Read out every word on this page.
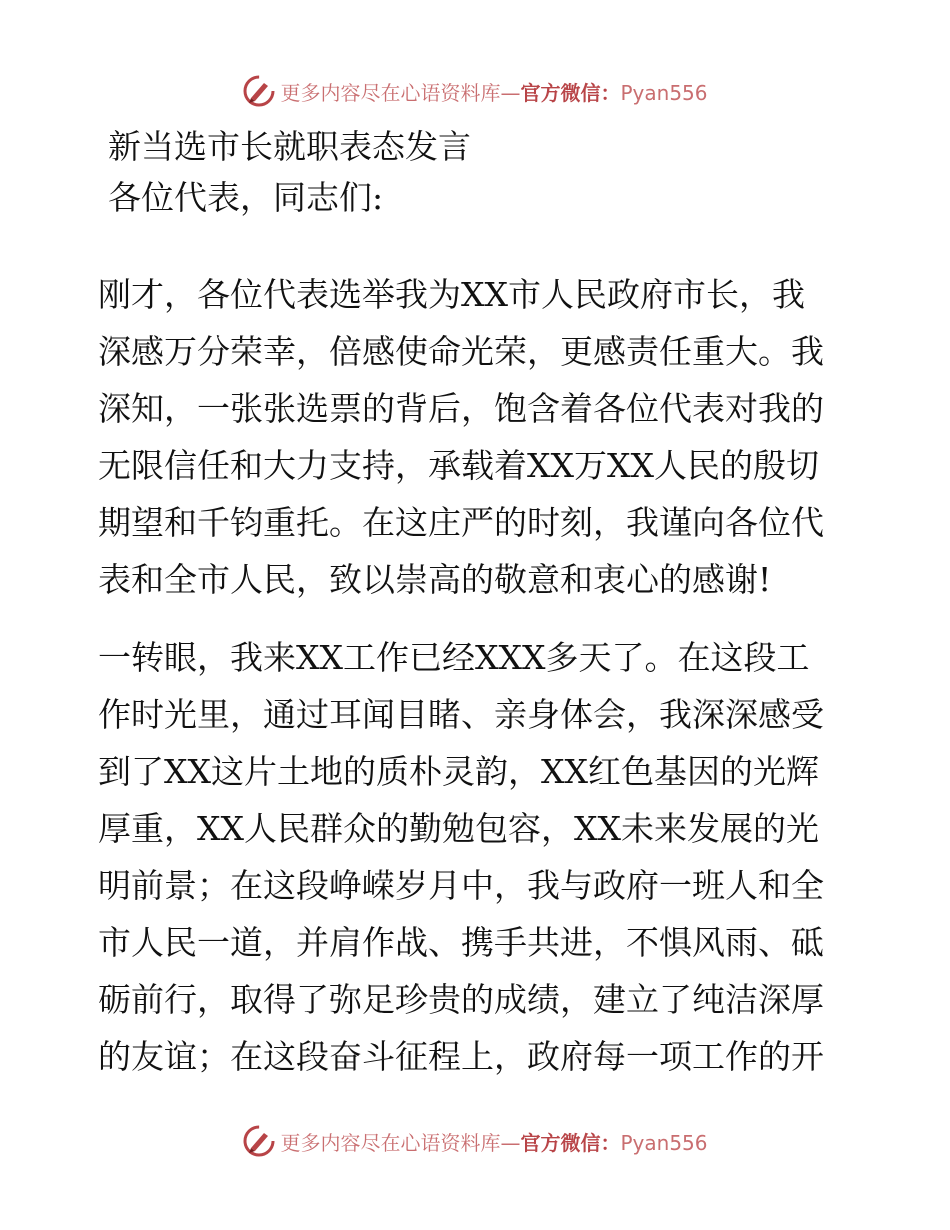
更多内容尽在心语资料库—官方微信：Pyan556
新当选市长就职表态发言
各位代表，同志们:
刚才，各位代表选举我为XX市人民政府市长，我
深感万分荣幸，倍感使命光荣，更感责任重大。我
深知，一张张选票的背后，饱含着各位代表对我的
无限信任和大力支持，承载着XX万XX人民的殷切
期望和千钧重托。在这庄严的时刻，我谨向各位代
表和全市人民，致以崇高的敬意和衷心的感谢!
一转眼，我来XX工作已经XXX多天了。在这段工
作时光里，通过耳闻目睹、亲身体会，我深深感受
到了XX这片土地的质朴灵韵，XX红色基因的光辉
厚重，XX人民群众的勤勉包容，XX未来发展的光
明前景；在这段峥嵘岁月中，我与政府一班人和全
市人民一道，并肩作战、携手共进，不惧风雨、砥
砺前行，取得了弥足珍贵的成绩，建立了纯洁深厚
的友谊；在这段奋斗征程上，政府每一项工作的开
更多内容尽在心语资料库—官方微信：Pyan556
